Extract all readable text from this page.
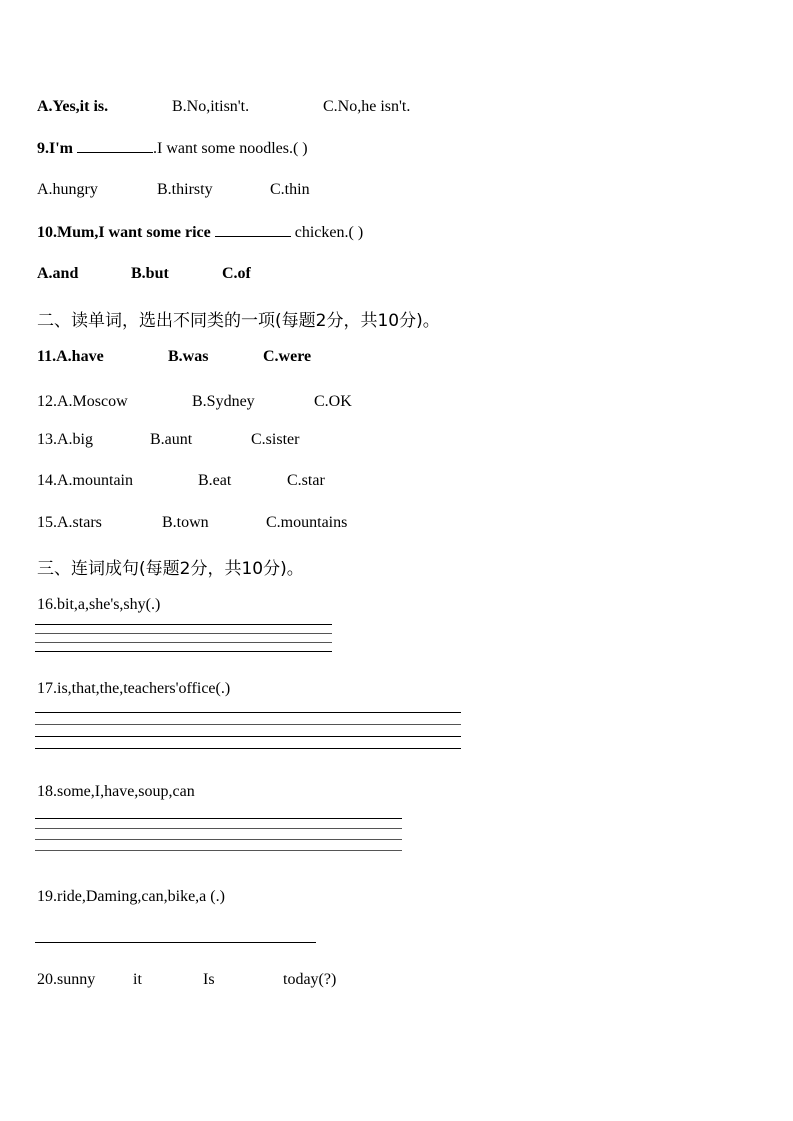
A.Yes,it is.	B.No,itisn't.	C.No,he isn't.
9.I'm	.I want some noodles.( )
A.hungry	B.thirsty	C.thin
10.Mum,I want some rice	chicken.( )
A.and	B.but	C.of
二、读单词，选出不同类的一项(每题2分，共10分)。
11.A.have	B.was	C.were
12.A.Moscow	B.Sydney	C.OK
13.A.big	B.aunt	C.sister
14.A.mountain	B.eat	C.star
15.A.stars	B.town	C.mountains
三、连词成句(每题2分，共10分)。
16.bit,a,she's,shy(.)
17.is,that,the,teachers'office(.)
18.some,I,have,soup,can
19.ride,Daming,can,bike,a (.)
20.sunny it	Is	today(?)
